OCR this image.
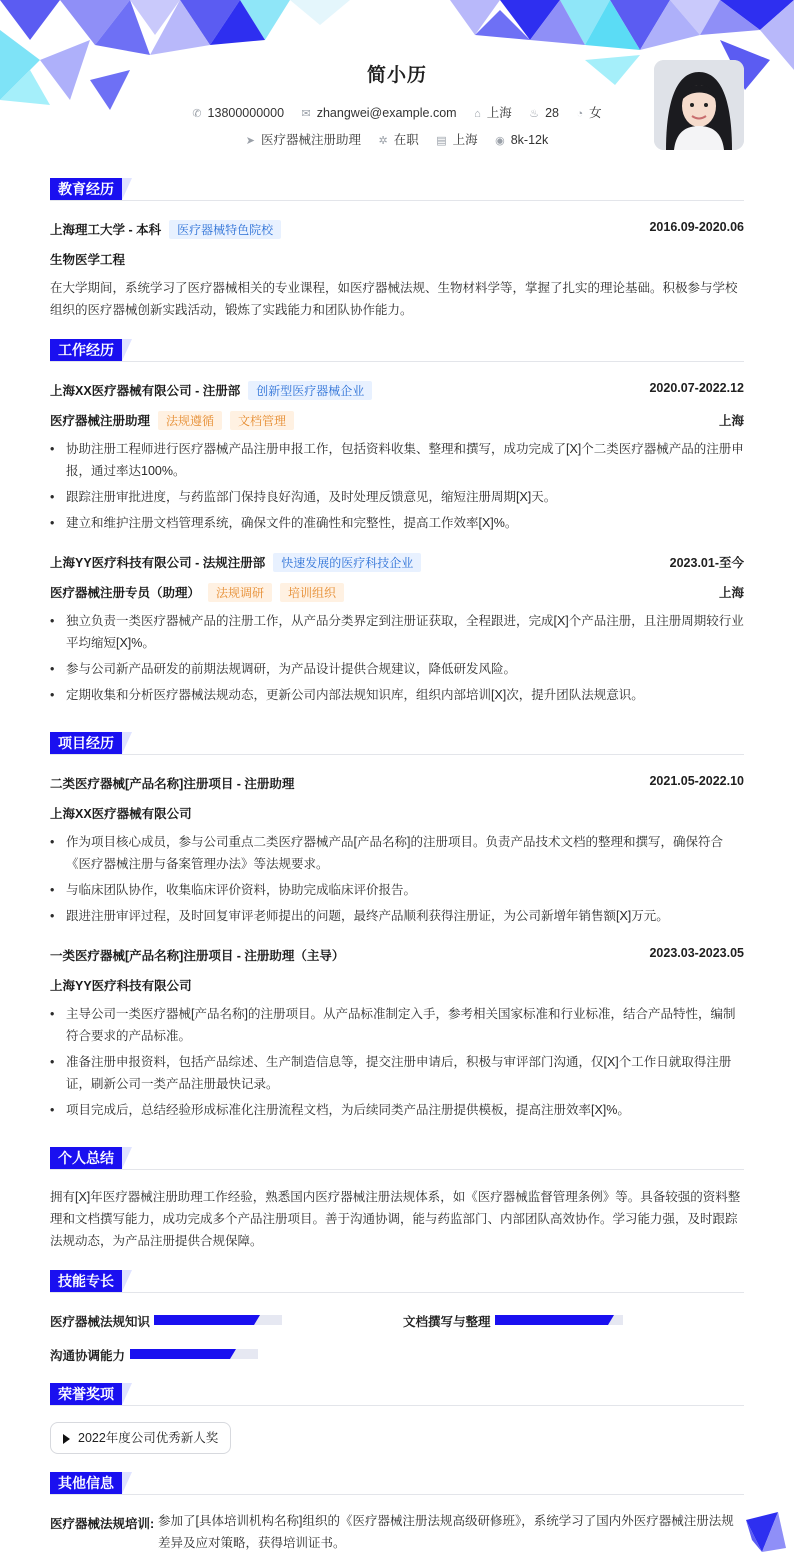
简小历
✆ 13800000000 ✉ zhangwei@example.com ⌂ 上海 ♨ 28 ◔ 女
➤ 医疗器械注册助理 ✲ 在职 ▤ 上海 ◉ 8k-12k
教育经历
上海理工大学 - 本科 医疗器械特色院校	2016.09-2020.06
生物医学工程
在大学期间，系统学习了医疗器械相关的专业课程，如医疗器械法规、生物材料学等，掌握了扎实的理论基础。积极参与学校组织的医疗器械创新实践活动，锻炼了实践能力和团队协作能力。
工作经历
上海XX医疗器械有限公司 - 注册部 创新型医疗器械企业	2020.07-2022.12
医疗器械注册助理 法规遵循 文档管理	上海
• 协助注册工程师进行医疗器械产品注册申报工作，包括资料收集、整理和撰写，成功完成了[X]个二类医疗器械产品的注册申报，通过率达100%。
• 跟踪注册审批进度，与药监部门保持良好沟通，及时处理反馈意见，缩短注册周期[X]天。
• 建立和维护注册文档管理系统，确保文件的准确性和完整性，提高工作效率[X]%。
上海YY医疗科技有限公司 - 法规注册部 快速发展的医疗科技企业	2023.01-至今
医疗器械注册专员（助理） 法规调研 培训组织	上海
• 独立负责一类医疗器械产品的注册工作，从产品分类界定到注册证获取，全程跟进，完成[X]个产品注册，且注册周期较行业平均缩短[X]%。
• 参与公司新产品研发的前期法规调研，为产品设计提供合规建议，降低研发风险。
• 定期收集和分析医疗器械法规动态，更新公司内部法规知识库，组织内部培训[X]次，提升团队法规意识。
项目经历
二类医疗器械[产品名称]注册项目 - 注册助理	2021.05-2022.10
上海XX医疗器械有限公司
• 作为项目核心成员，参与公司重点二类医疗器械产品[产品名称]的注册项目。负责产品技术文档的整理和撰写，确保符合《医疗器械注册与备案管理办法》等法规要求。
• 与临床团队协作，收集临床评价资料，协助完成临床评价报告。
• 跟进注册审评过程，及时回复审评老师提出的问题，最终产品顺利获得注册证，为公司新增年销售额[X]万元。
一类医疗器械[产品名称]注册项目 - 注册助理（主导）	2023.03-2023.05
上海YY医疗科技有限公司
• 主导公司一类医疗器械[产品名称]的注册项目。从产品标准制定入手，参考相关国家标准和行业标准，结合产品特性，编制符合要求的产品标准。
• 准备注册申报资料，包括产品综述、生产制造信息等，提交注册申请后，积极与审评部门沟通，仅[X]个工作日就取得注册证，刷新公司一类产品注册最快记录。
• 项目完成后，总结经验形成标准化注册流程文档，为后续同类产品注册提供模板，提高注册效率[X]%。
个人总结
拥有[X]年医疗器械注册助理工作经验，熟悉国内医疗器械注册法规体系，如《医疗器械监督管理条例》等。具备较强的资料整理和文档撰写能力，成功完成多个产品注册项目。善于沟通协调，能与药监部门、内部团队高效协作。学习能力强，及时跟踪法规动态，为产品注册提供合规保障。
技能专长
医疗器械法规知识	文档撰写与整理
沟通协调能力
荣誉奖项
2022年度公司优秀新人奖
其他信息
医疗器械法规培训: 参加了[具体培训机构名称]组织的《医疗器械注册法规高级研修班》，系统学习了国内外医疗器械注册法规差异及应对策略，获得培训证书。
